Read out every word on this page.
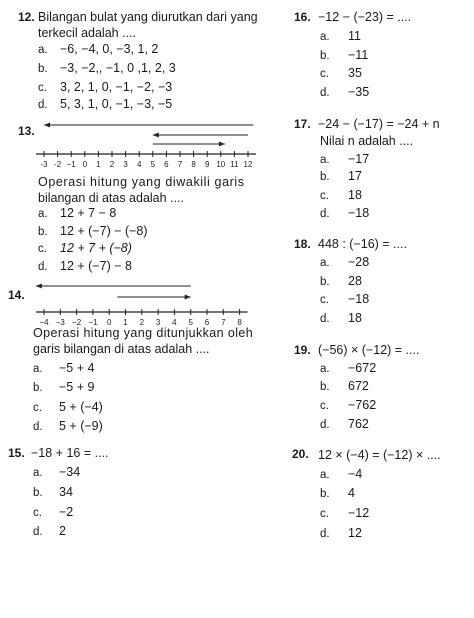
12. Bilangan bulat yang diurutkan dari yang
terkecil adalah ....
a. −6, −4, 0, −3, 1, 2
b. −3, −2,, −1, 0 ,1, 2, 3
c. 3, 2, 1, 0, −1, −2, −3
d. 5, 3, 1, 0, −1, −3, −5
13.
-3 -2 −1 0 1 2 3 4 5 6 7 8 9 10 11 12
Operasi hitung yang diwakili garis
bilangan di atas adalah ....
a. 12 + 7 − 8
b. 12 + (−7) − (−8)
c. 12 + 7 + (−8)
d. 12 + (−7) − 8
14.
−4 −3 −2 −1 0 1 2 3 4 5 6 7 8
Operasi hitung yang ditunjukkan oleh
garis bilangan di atas adalah ....
a. −5 + 4
b. −5 + 9
c. 5 + (−4)
d. 5 + (−9)
15. −18 + 16 = ....
a. −34
b. 34
c. −2
d. 2
16. −12 − (−23) = ....
a. 11
b. −11
c. 35
d. −35
17. −24 − (−17) = −24 + n
Nilai n adalah ....
a. −17
b. 17
c. 18
d. −18
18. 448 : (−16) = ....
a. −28
b. 28
c. −18
d. 18
19. (−56) × (−12) = ....
a. −672
b. 672
c. −762
d. 762
20. 12 × (−4) = (−12) × ....
a. −4
b. 4
c. −12
d. 12
